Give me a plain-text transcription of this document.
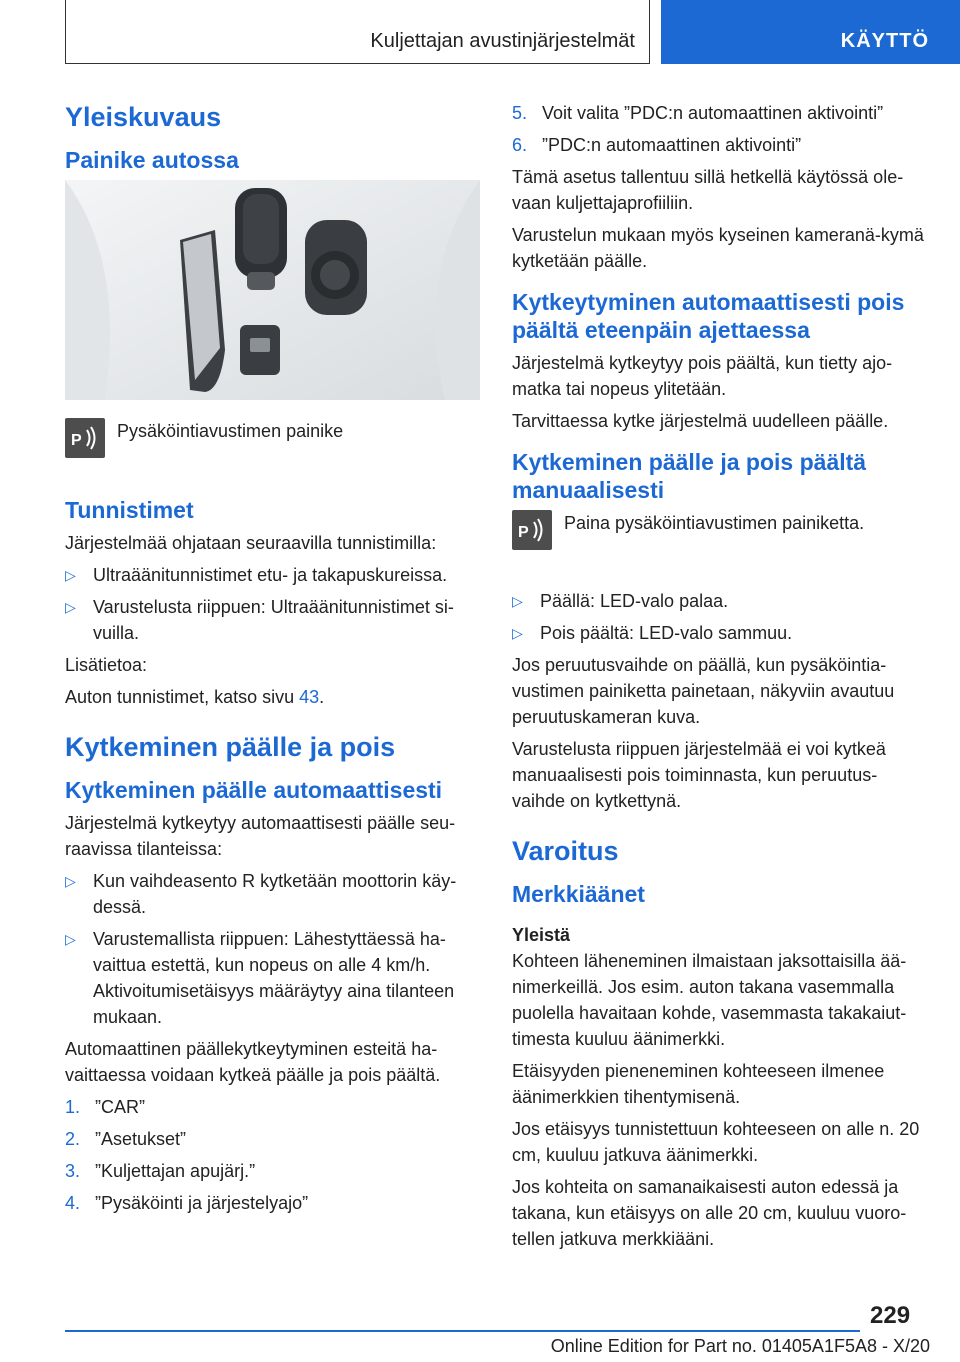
Kuljettajan avustinjärjestelmät	KÄYTTÖ
Yleiskuvaus
Painike autossa
P	Pysäköintiavustimen painike
Tunnistimet

Järjestelmää ohjataan seuraavilla tunnistimilla:

▷ Ultraäänitunnistimet etu- ja takapuskureissa.
▷ Varustelusta riippuen: Ultraäänitunnistimet si-vuilla.

Lisätietoa:

Auton tunnistimet, katso sivu 43.

Kytkeminen päälle ja pois
Kytkeminen päälle automaattisesti

Järjestelmä kytkeytyy automaattisesti päälle seu-raavissa tilanteissa:

▷ Kun vaihdeasento R kytketään moottorin käy-dessä.
▷ Varustemallista riippuen: Lähestyttäessä ha-vaittua estettä, kun nopeus on alle 4 km/h. Aktivoitumisetäisyys määräytyy aina tilanteen mukaan.

Automaattinen päällekytkeytyminen esteitä ha-vaittaessa voidaan kytkeä päälle ja pois päältä.

1. ”CAR”
2. ”Asetukset”
3. ”Kuljettajan apujärj.”
4. ”Pysäköinti ja järjestelyajo”
5. Voit valita ”PDC:n automaattinen aktivointi”
6. ”PDC:n automaattinen aktivointi”

Tämä asetus tallentuu sillä hetkellä käytössä ole-vaan kuljettajaprofiiliin.

Varustelun mukaan myös kyseinen kameranä-kymä kytketään päälle.

Kytkeytyminen automaattisesti pois päältä eteenpäin ajettaessa

Järjestelmä kytkeytyy pois päältä, kun tietty ajo-matka tai nopeus ylitetään.

Tarvittaessa kytke järjestelmä uudelleen päälle.

Kytkeminen päälle ja pois päältä manuaalisesti
P	Paina pysäköintiavustimen painiketta.
▷ Päällä: LED-valo palaa.
▷ Pois päältä: LED-valo sammuu.

Jos peruutusvaihde on päällä, kun pysäköintia-vustimen painiketta painetaan, näkyviin avautuu peruutuskameran kuva.

Varustelusta riippuen järjestelmää ei voi kytkeä manuaalisesti pois toiminnasta, kun peruutus-vaihde on kytkettynä.

Varoitus
Merkkiäänet
Yleistä

Kohteen läheneminen ilmaistaan jaksottaisilla ää-nimerkeillä. Jos esim. auton takana vasemmalla puolella havaitaan kohde, vasemmasta takakaiut-timesta kuuluu äänimerkki.

Etäisyyden pieneneminen kohteeseen ilmenee äänimerkkien tihentymisenä.

Jos etäisyys tunnistettuun kohteeseen on alle n. 20 cm, kuuluu jatkuva äänimerkki.

Jos kohteita on samanaikaisesti auton edessä ja takana, kun etäisyys on alle 20 cm, kuuluu vuoro-tellen jatkuva merkkiääni.

229
Online Edition for Part no. 01405A1F5A8 - X/20
